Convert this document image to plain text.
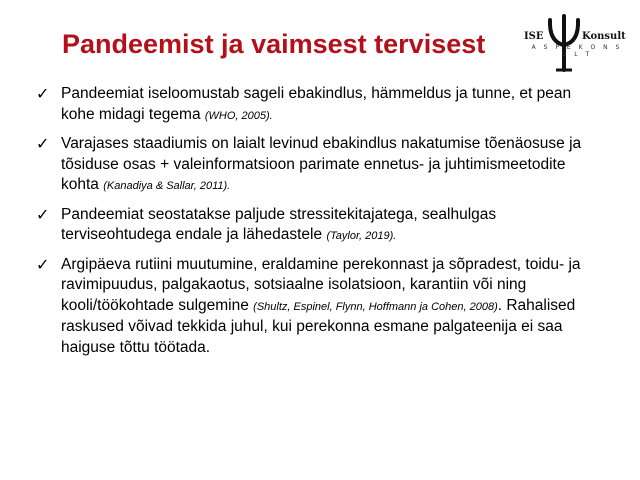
Pandeemist ja vaimsest tervisest	ISE	Konsult
A S P E K O N S U L T
✓ Pandeemiat iseloomustab sageli ebakindlus, hämmeldus ja tunne, et pean kohe midagi tegema (WHO, 2005).
✓ Varajases staadiumis on laialt levinud ebakindlus nakatumise tõenäosuse ja tõsiduse osas + valeinformatsioon parimate ennetus- ja juhtimismeetodite kohta (Kanadiya & Sallar, 2011).
✓ Pandeemiat seostatakse paljude stressitekitajatega, sealhulgas terviseohtudega endale ja lähedastele (Taylor, 2019).
✓ Argipäeva rutiini muutumine, eraldamine perekonnast ja sõpradest, toidu- ja ravimipuudus, palgakaotus, sotsiaalne isolatsioon, karantiin või ning kooli/töökohtade sulgemine (Shultz, Espinel, Flynn, Hoffmann ja Cohen, 2008). Rahalised raskused võivad tekkida juhul, kui perekonna esmane palgateenija ei saa haiguse tõttu töötada.
